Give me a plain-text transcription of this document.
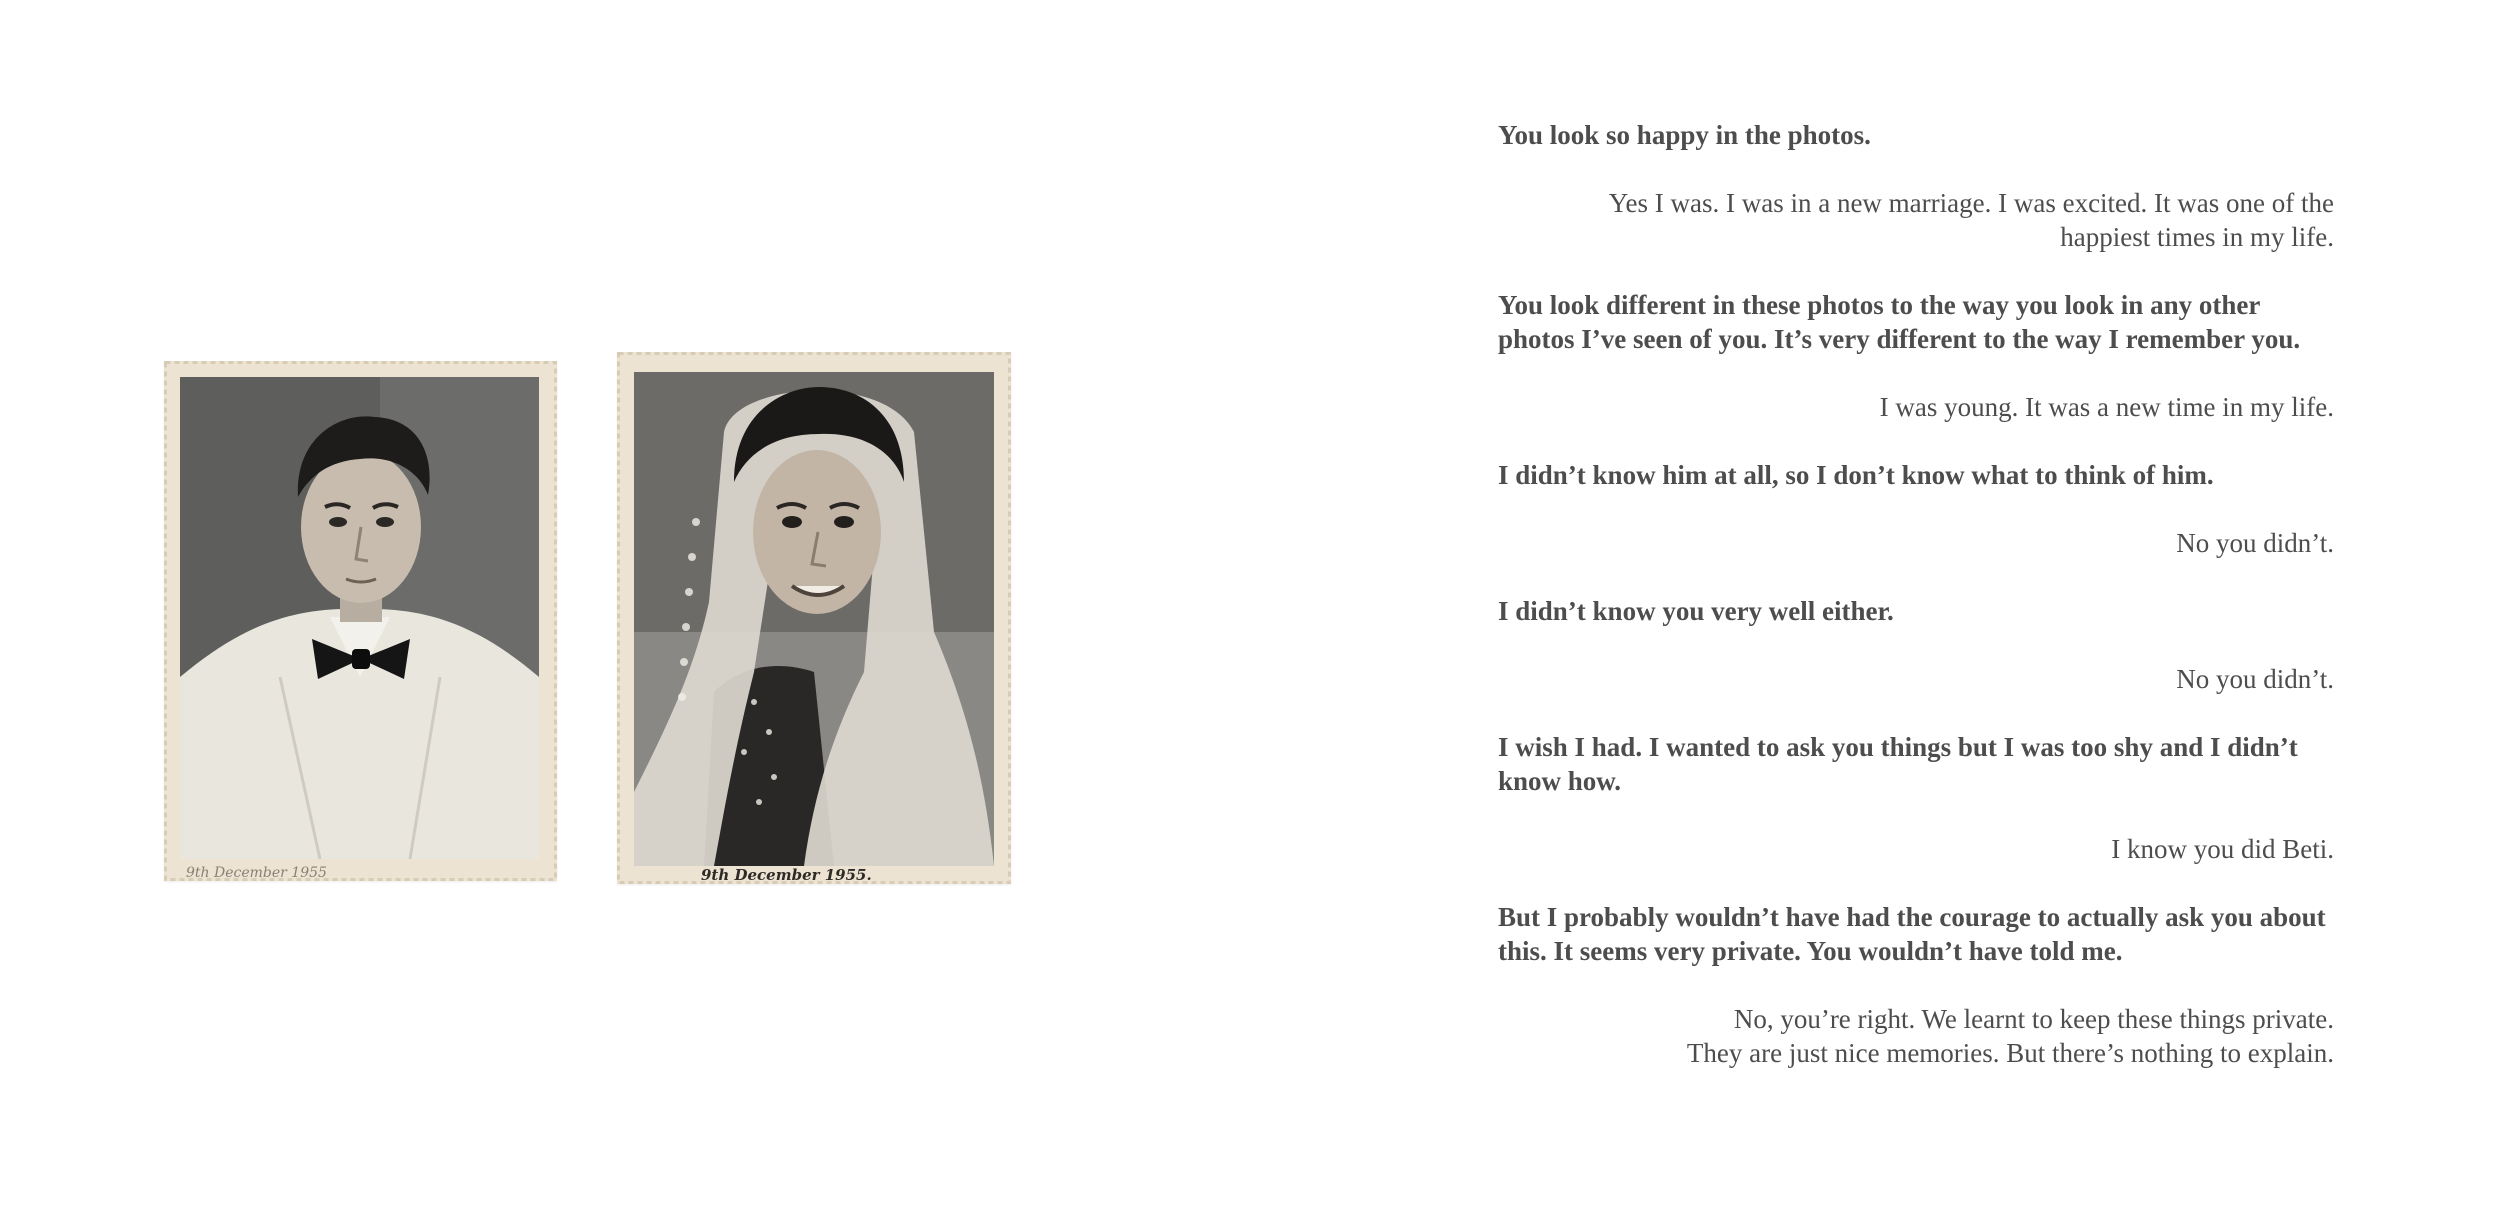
9th December 1955	9th December 1955.

You look so happy in the photos.

Yes I was. I was in a new marriage. I was excited. It was one of the
happiest times in my life.

You look different in these photos to the way you look in any other
photos I’ve seen of you. It’s very different to the way I remember you.

I was young. It was a new time in my life.

I didn’t know him at all, so I don’t know what to think of him.

No you didn’t.

I didn’t know you very well either.

No you didn’t.

I wish I had. I wanted to ask you things but I was too shy and I didn’t
know how.

I know you did Beti.

But I probably wouldn’t have had the courage to actually ask you about
this. It seems very private. You wouldn’t have told me.

No, you’re right. We learnt to keep these things private.
They are just nice memories. But there’s nothing to explain.
